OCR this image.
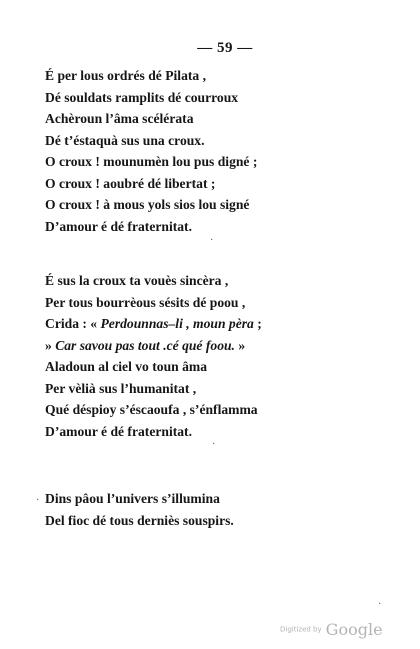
— 59 —
É per lous ordrés dé Pilata ,
Dé souldats ramplits dé courroux
Achèroun l’âma scélérata
Dé t’éstaquà sus una croux.
O croux ! mounumèn lou pus digné ;
O croux ! aoubré dé libertat ;
O croux ! à mous yols sios lou signé
D’amour é dé fraternitat.
É sus la croux ta vouès sincèra ,
Per tous bourrèous sésits dé poou ,
Crida : « Perdounnas–li , moun pèra ;
» Car savou pas tout .cé qué foou. »
Aladoun al ciel vo toun âma
Per vèlià sus l’humanitat ,
Qué déspioy s’éscaoufa , s’énflamma
D’amour é dé fraternitat.
Dins pâou l’univers s’illumina
Del fioc dé tous derniès souspirs.
·
·
·
·
Digitized by Google
